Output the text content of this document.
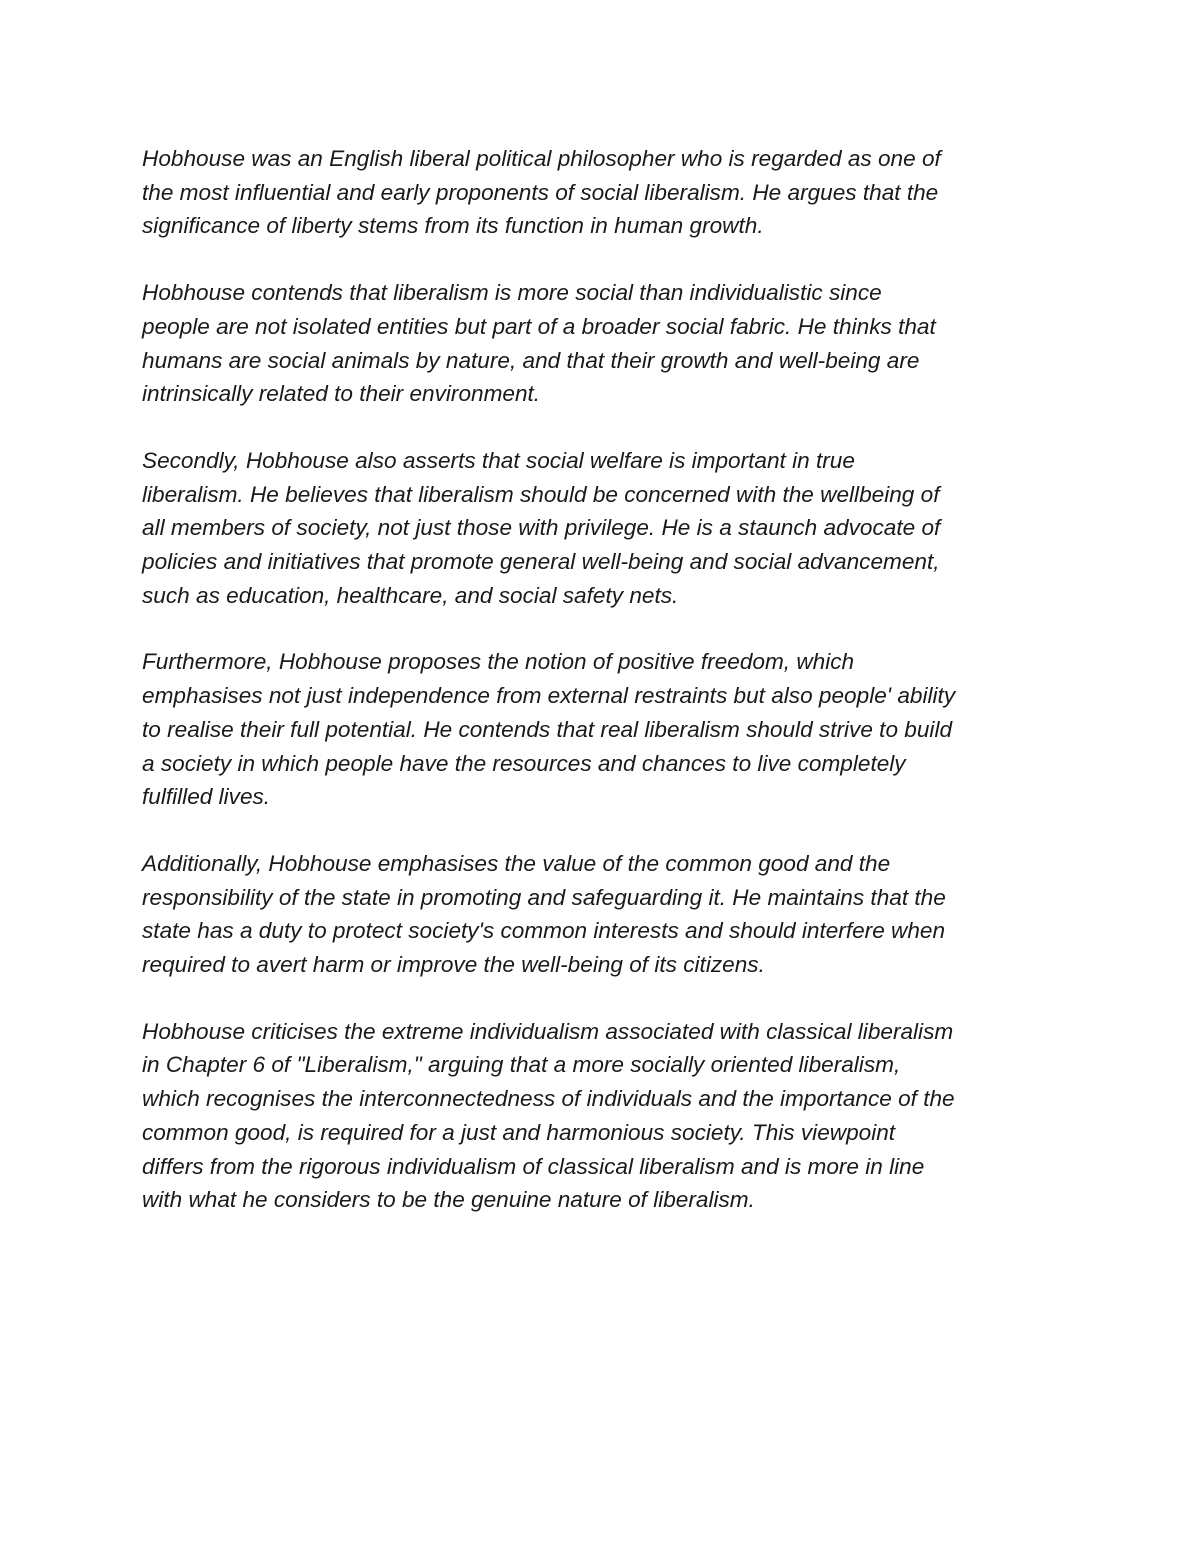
Hobhouse was an English liberal political philosopher who is regarded as one of
the most influential and early proponents of social liberalism. He argues that the
significance of liberty stems from its function in human growth.

Hobhouse contends that liberalism is more social than individualistic since
people are not isolated entities but part of a broader social fabric. He thinks that
humans are social animals by nature, and that their growth and well-being are
intrinsically related to their environment.

Secondly, Hobhouse also asserts that social welfare is important in true
liberalism. He believes that liberalism should be concerned with the wellbeing of
all members of society, not just those with privilege. He is a staunch advocate of
policies and initiatives that promote general well-being and social advancement,
such as education, healthcare, and social safety nets.

Furthermore, Hobhouse proposes the notion of positive freedom, which
emphasises not just independence from external restraints but also people' ability
to realise their full potential. He contends that real liberalism should strive to build
a society in which people have the resources and chances to live completely
fulfilled lives.

Additionally, Hobhouse emphasises the value of the common good and the
responsibility of the state in promoting and safeguarding it. He maintains that the
state has a duty to protect society's common interests and should interfere when
required to avert harm or improve the well-being of its citizens.

Hobhouse criticises the extreme individualism associated with classical liberalism
in Chapter 6 of "Liberalism," arguing that a more socially oriented liberalism,
which recognises the interconnectedness of individuals and the importance of the
common good, is required for a just and harmonious society. This viewpoint
differs from the rigorous individualism of classical liberalism and is more in line
with what he considers to be the genuine nature of liberalism.
